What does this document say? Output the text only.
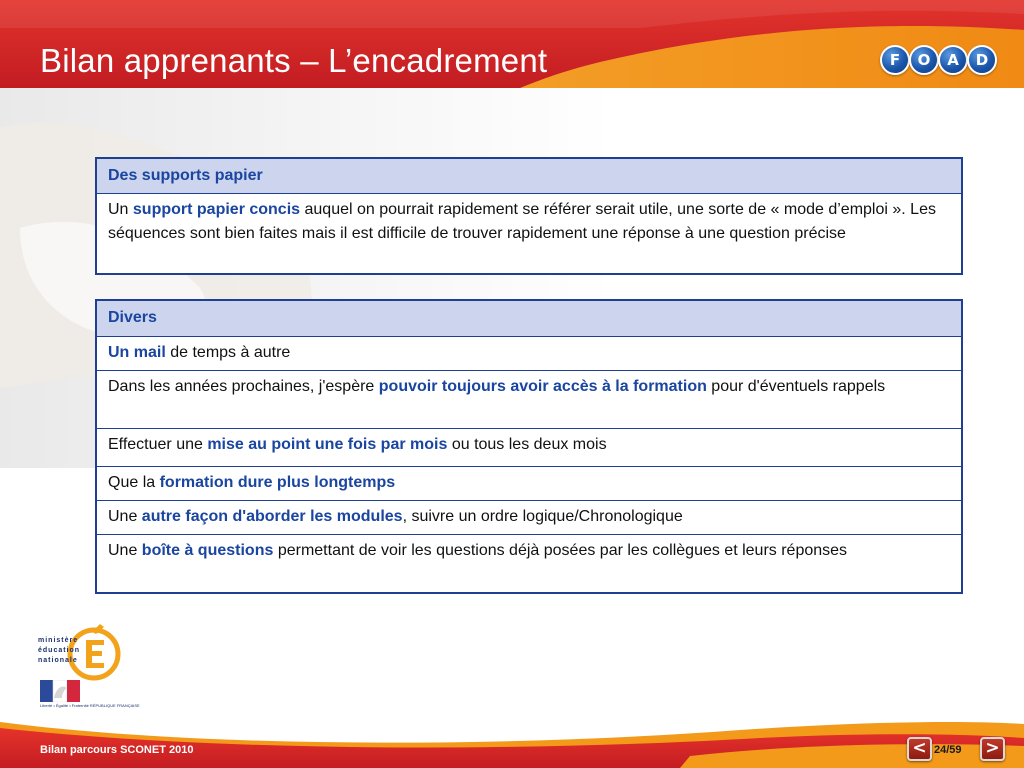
Bilan apprenants – L’encadrement	F	O	A	D
Des supports papier
Un support papier concis auquel on pourrait rapidement se référer serait utile, une sorte de « mode d’emploi ». Les séquences sont bien faites mais il est difficile de trouver rapidement une réponse à une question précise
Divers
Un mail de temps à autre
Dans les années prochaines, j'espère pouvoir toujours avoir accès à la formation pour d'éventuels rappels
Effectuer une mise au point une fois par mois ou tous les deux mois
Que la formation dure plus longtemps
Une autre façon d'aborder les modules, suivre un ordre logique/Chronologique
Une boîte à questions permettant de voir les questions déjà posées par les collègues et leurs réponses
ministère
éducation
nationale
Liberté • Égalité • Fraternité RÉPUBLIQUE FRANÇAISE
Bilan parcours SCONET 2010	< 24/59	>
